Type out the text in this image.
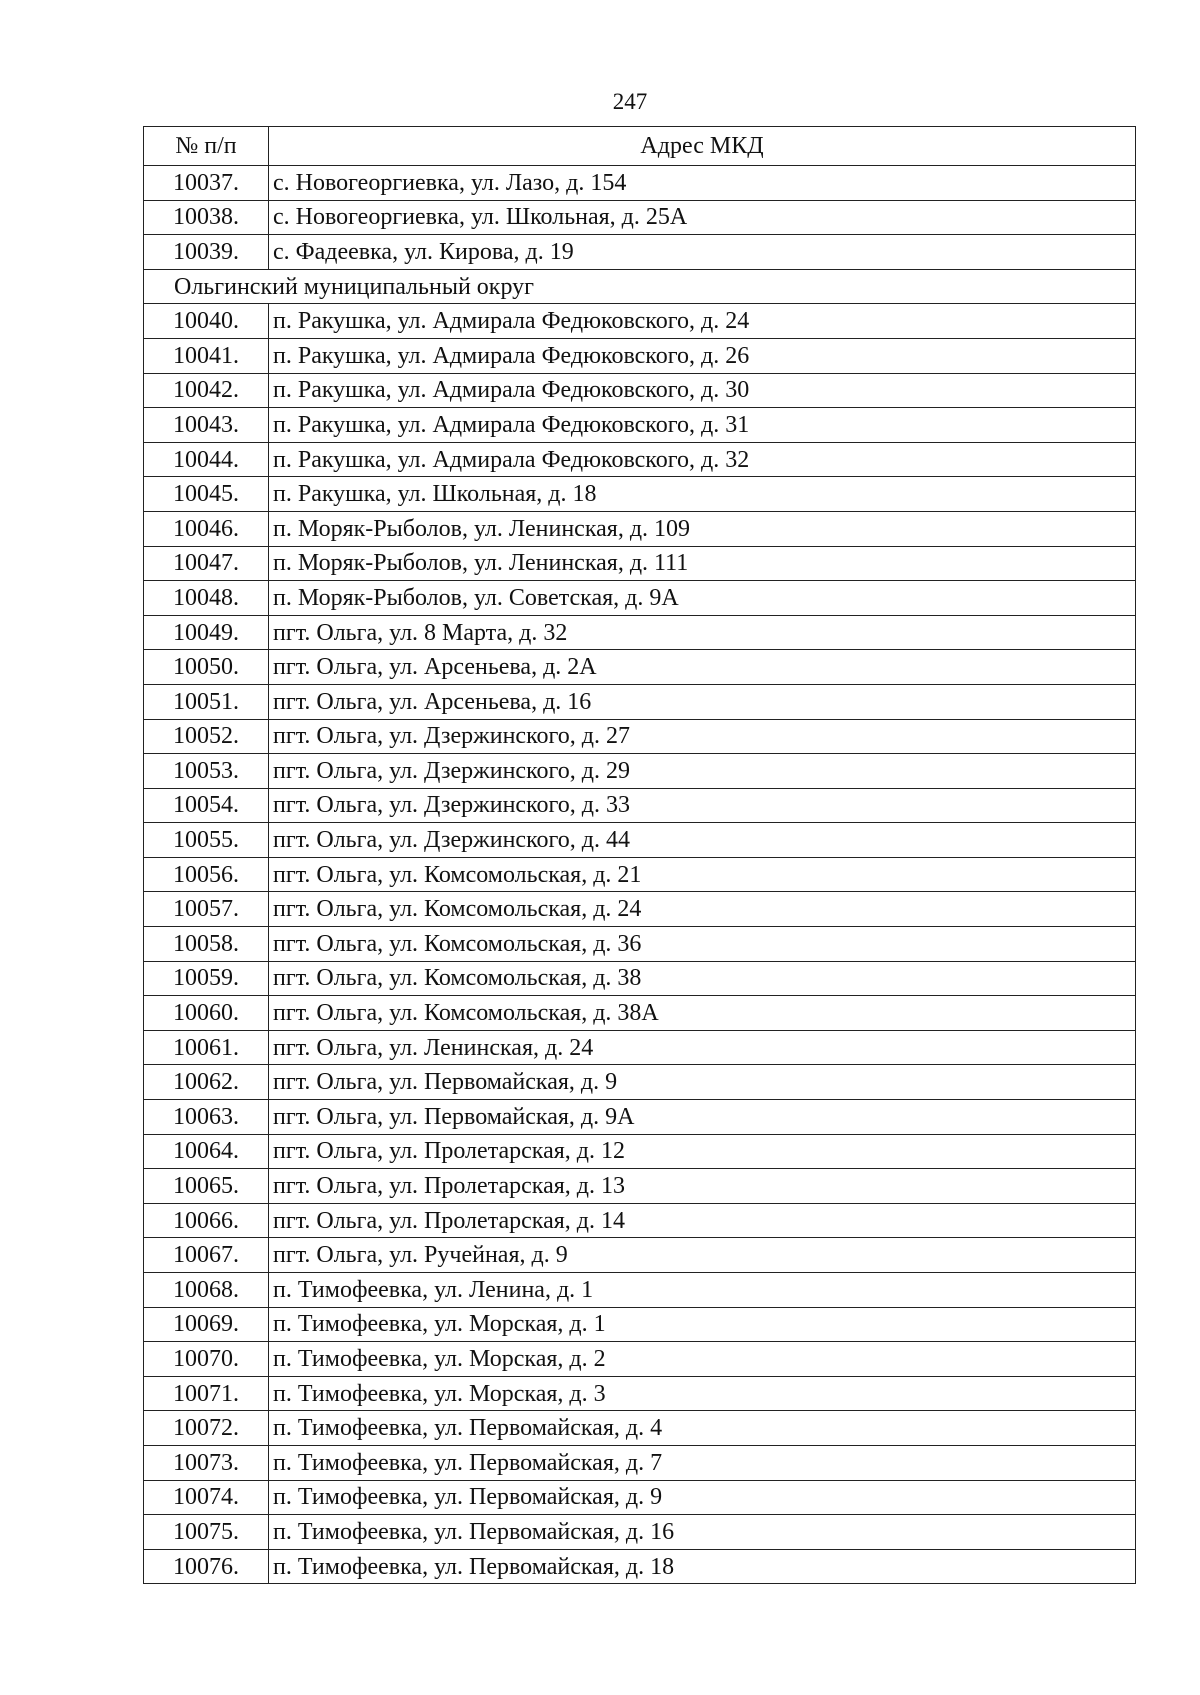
247
№ п/п	Адрес МКД
10037.	с. Новогеоргиевка, ул. Лазо, д. 154
10038.	с. Новогеоргиевка, ул. Школьная, д. 25А
10039.	с. Фадеевка, ул. Кирова, д. 19
Ольгинский муниципальный округ	
10040.	п. Ракушка, ул. Адмирала Федюковского, д. 24
10041.	п. Ракушка, ул. Адмирала Федюковского, д. 26
10042.	п. Ракушка, ул. Адмирала Федюковского, д. 30
10043.	п. Ракушка, ул. Адмирала Федюковского, д. 31
10044.	п. Ракушка, ул. Адмирала Федюковского, д. 32
10045.	п. Ракушка, ул. Школьная, д. 18
10046.	п. Моряк-Рыболов, ул. Ленинская, д. 109
10047.	п. Моряк-Рыболов, ул. Ленинская, д. 111
10048.	п. Моряк-Рыболов, ул. Советская, д. 9А
10049.	пгт. Ольга, ул. 8 Марта, д. 32
10050.	пгт. Ольга, ул. Арсеньева, д. 2А
10051.	пгт. Ольга, ул. Арсеньева, д. 16
10052.	пгт. Ольга, ул. Дзержинского, д. 27
10053.	пгт. Ольга, ул. Дзержинского, д. 29
10054.	пгт. Ольга, ул. Дзержинского, д. 33
10055.	пгт. Ольга, ул. Дзержинского, д. 44
10056.	пгт. Ольга, ул. Комсомольская, д. 21
10057.	пгт. Ольга, ул. Комсомольская, д. 24
10058.	пгт. Ольга, ул. Комсомольская, д. 36
10059.	пгт. Ольга, ул. Комсомольская, д. 38
10060.	пгт. Ольга, ул. Комсомольская, д. 38А
10061.	пгт. Ольга, ул. Ленинская, д. 24
10062.	пгт. Ольга, ул. Первомайская, д. 9
10063.	пгт. Ольга, ул. Первомайская, д. 9А
10064.	пгт. Ольга, ул. Пролетарская, д. 12
10065.	пгт. Ольга, ул. Пролетарская, д. 13
10066.	пгт. Ольга, ул. Пролетарская, д. 14
10067.	пгт. Ольга, ул. Ручейная, д. 9
10068.	п. Тимофеевка, ул. Ленина, д. 1
10069.	п. Тимофеевка, ул. Морская, д. 1
10070.	п. Тимофеевка, ул. Морская, д. 2
10071.	п. Тимофеевка, ул. Морская, д. 3
10072.	п. Тимофеевка, ул. Первомайская, д. 4
10073.	п. Тимофеевка, ул. Первомайская, д. 7
10074.	п. Тимофеевка, ул. Первомайская, д. 9
10075.	п. Тимофеевка, ул. Первомайская, д. 16
10076.	п. Тимофеевка, ул. Первомайская, д. 18
